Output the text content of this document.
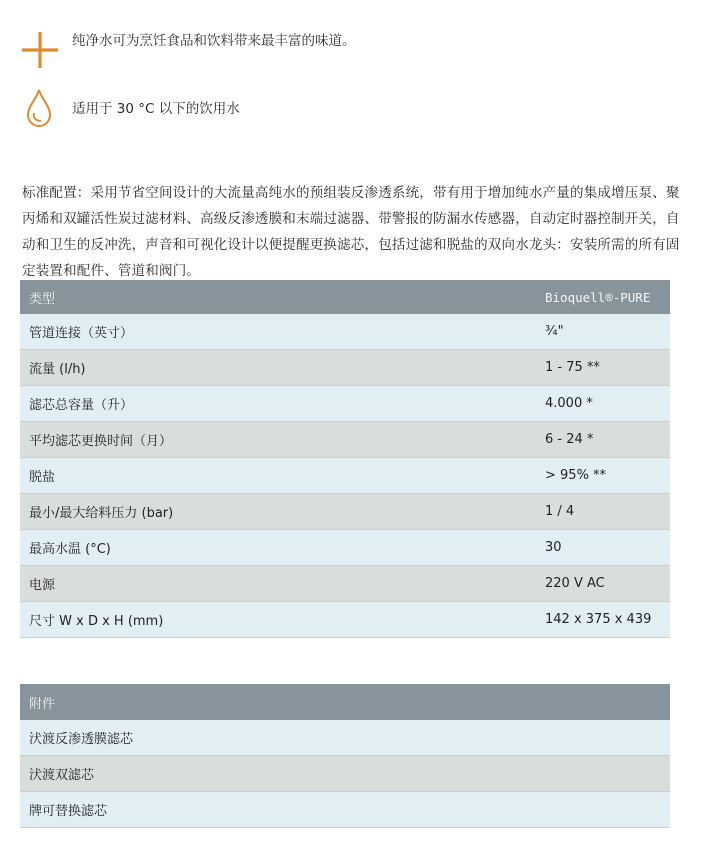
纯净水可为烹饪食品和饮料带来最丰富的味道。
适用于 30 °C 以下的饮用水

标准配置：采用节省空间设计的大流量高纯水的预组装反渗透系统，带有用于增加纯水产量的集成增压泵、聚丙烯和双罐活性炭过滤材料、高级反渗透膜和末端过滤器、带警报的防漏水传感器，自动定时器控制开关，自动和卫生的反冲洗，声音和可视化设计以便提醒更换滤芯，包括过滤和脱盐的双向水龙头：安装所需的所有固定装置和配件、管道和阀门。

类型	Bioquell®-PURE
管道连接（英寸）	¾"
流量 (l/h)	1 - 75 **
滤芯总容量（升）	4.000 *
平均滤芯更换时间（月）	6 - 24 *
脱盐	> 95% **
最小/最大给料压力 (bar)	1 / 4
最高水温 (°C)	30
电源	220 V AC
尺寸 W x D x H (mm)	142 x 375 x 439
附件
汱渡反渗透膜滤芯
汱渡双滤芯
牌可替换滤芯
